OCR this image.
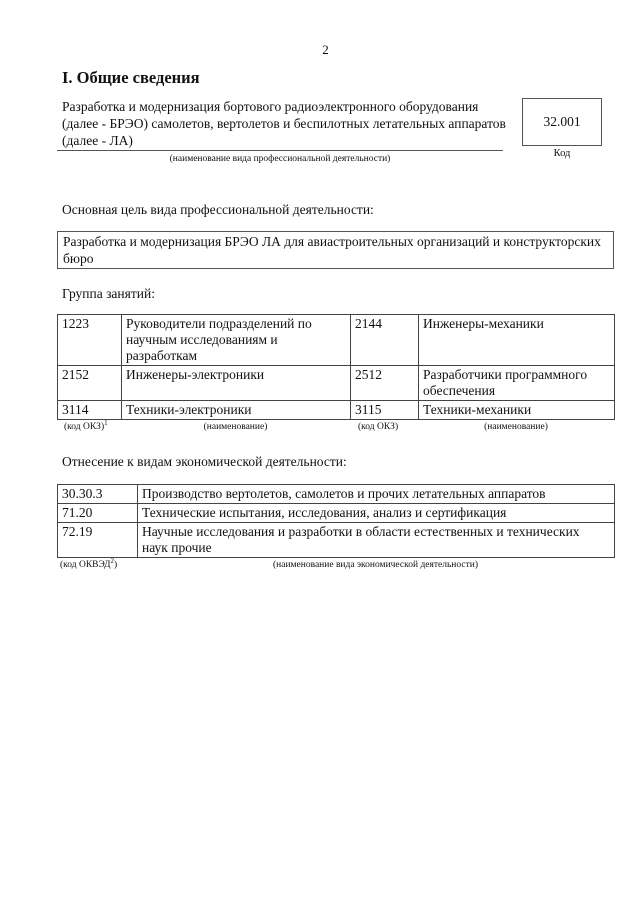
2
I. Общие сведения
Разработка и модернизация бортового радиоэлектронного оборудования
(далее - БРЭО) самолетов, вертолетов и беспилотных летательных аппаратов
(далее - ЛА)
(наименование вида профессиональной деятельности)
32.001
Код
Основная цель вида профессиональной деятельности:
Разработка и модернизация БРЭО ЛА для авиастроительных организаций и конструкторских бюро
Группа занятий:
1223	Руководители подразделений по научным исследованиям и разработкам	2144	Инженеры-механики
2152	Инженеры-электроники	2512	Разработчики программного обеспечения
3114	Техники-электроники	3115	Техники-механики
(код ОКЗ)$^1$	(наименование)	(код ОКЗ)	(наименование)
Отнесение к видам экономической деятельности:
30.30.3	Производство вертолетов, самолетов и прочих летательных аппаратов
71.20	Технические испытания, исследования, анализ и сертификация
72.19	Научные исследования и разработки в области естественных и технических наук прочие
(код ОКВЭД$^2$)	(наименование вида экономической деятельности)
